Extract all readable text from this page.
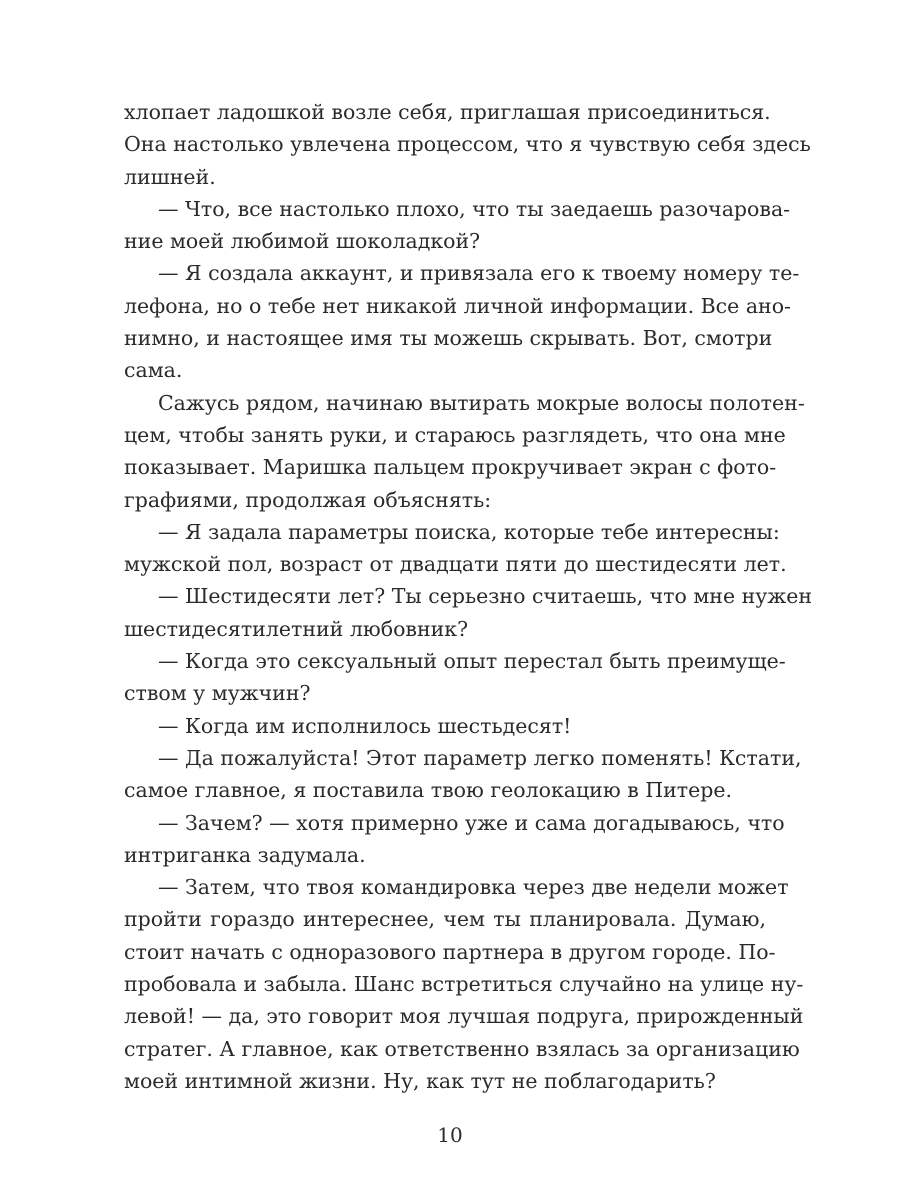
хлопает ладошкой возле себя, приглашая присоединиться.
Она настолько увлечена процессом, что я чувствую себя здесь
лишней.
— Что, все настолько плохо, что ты заедаешь разочарова-
ние моей любимой шоколадкой?
— Я создала аккаунт, и привязала его к твоему номеру те-
лефона, но о тебе нет никакой личной информации. Все ано-
нимно, и настоящее имя ты можешь скрывать. Вот, смотри
сама.
Сажусь рядом, начинаю вытирать мокрые волосы полотен-
цем, чтобы занять руки, и стараюсь разглядеть, что она мне
показывает. Маришка пальцем прокручивает экран с фото-
графиями, продолжая объяснять:
— Я задала параметры поиска, которые тебе интересны:
мужской пол, возраст от двадцати пяти до шестидесяти лет.
— Шестидесяти лет? Ты серьезно считаешь, что мне нужен
шестидесятилетний любовник?
— Когда это сексуальный опыт перестал быть преимуще-
ством у мужчин?
— Когда им исполнилось шестьдесят!
— Да пожалуйста! Этот параметр легко поменять! Кстати,
самое главное, я поставила твою геолокацию в Питере.
— Зачем? — хотя примерно уже и сама догадываюсь, что
интриганка задумала.
— Затем, что твоя командировка через две недели может
пройти гораздо интереснее, чем ты планировала. Думаю,
стоит начать с одноразового партнера в другом городе. По-
пробовала и забыла. Шанс встретиться случайно на улице ну-
левой! — да, это говорит моя лучшая подруга, прирожденный
стратег. А главное, как ответственно взялась за организацию
моей интимной жизни. Ну, как тут не поблагодарить?
10
